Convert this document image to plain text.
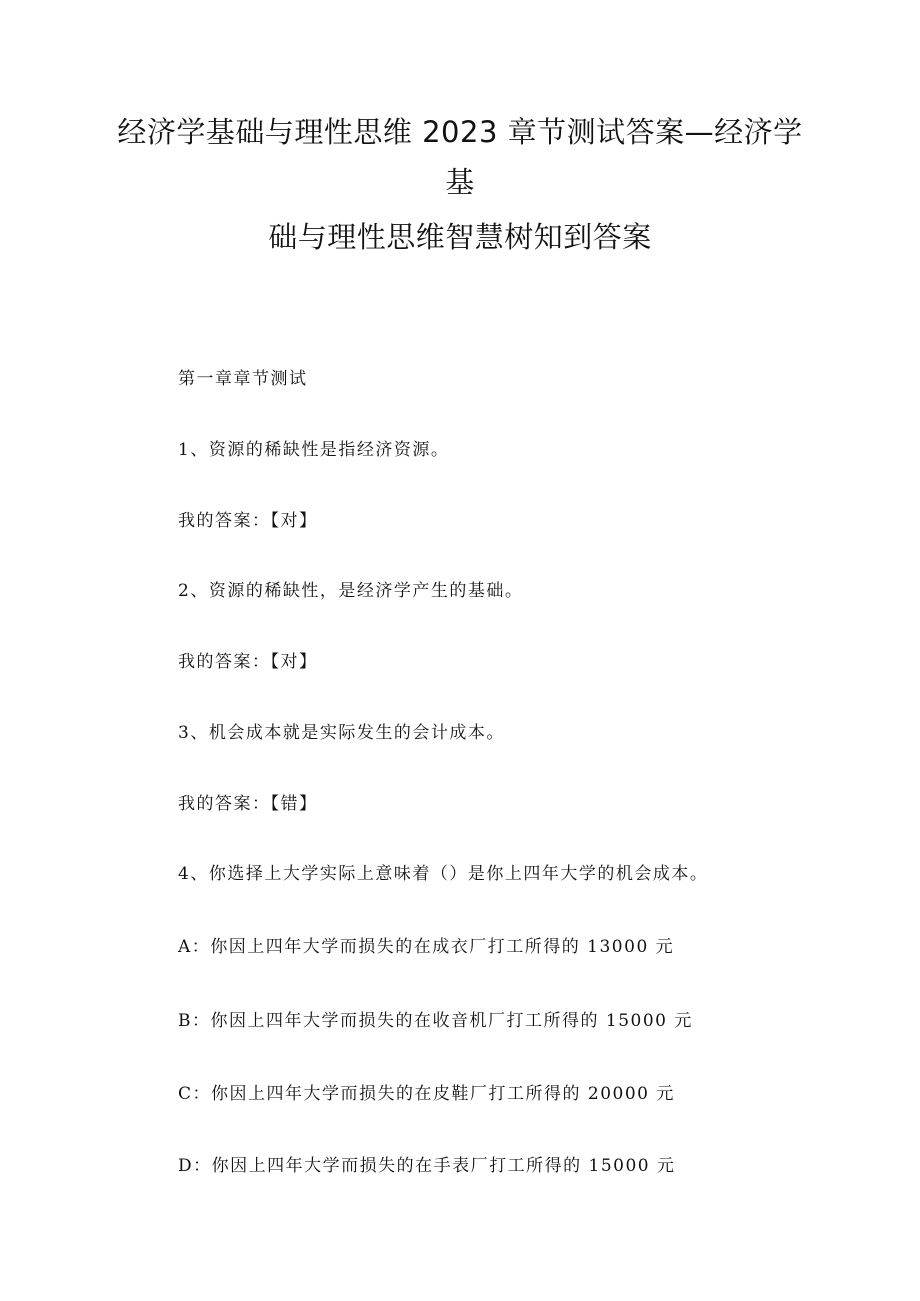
经济学基础与理性思维 2023 章节测试答案—经济学
基
础与理性思维智慧树知到答案

第一章章节测试

1、资源的稀缺性是指经济资源。

我的答案：【对】

2、资源的稀缺性，是经济学产生的基础。

我的答案：【对】

3、机会成本就是实际发生的会计成本。

我的答案：【错】

4、你选择上大学实际上意味着（）是你上四年大学的机会成本。

A：你因上四年大学而损失的在成衣厂打工所得的 13000 元

B：你因上四年大学而损失的在收音机厂打工所得的 15000 元

C：你因上四年大学而损失的在皮鞋厂打工所得的 20000 元

D：你因上四年大学而损失的在手表厂打工所得的 15000 元
